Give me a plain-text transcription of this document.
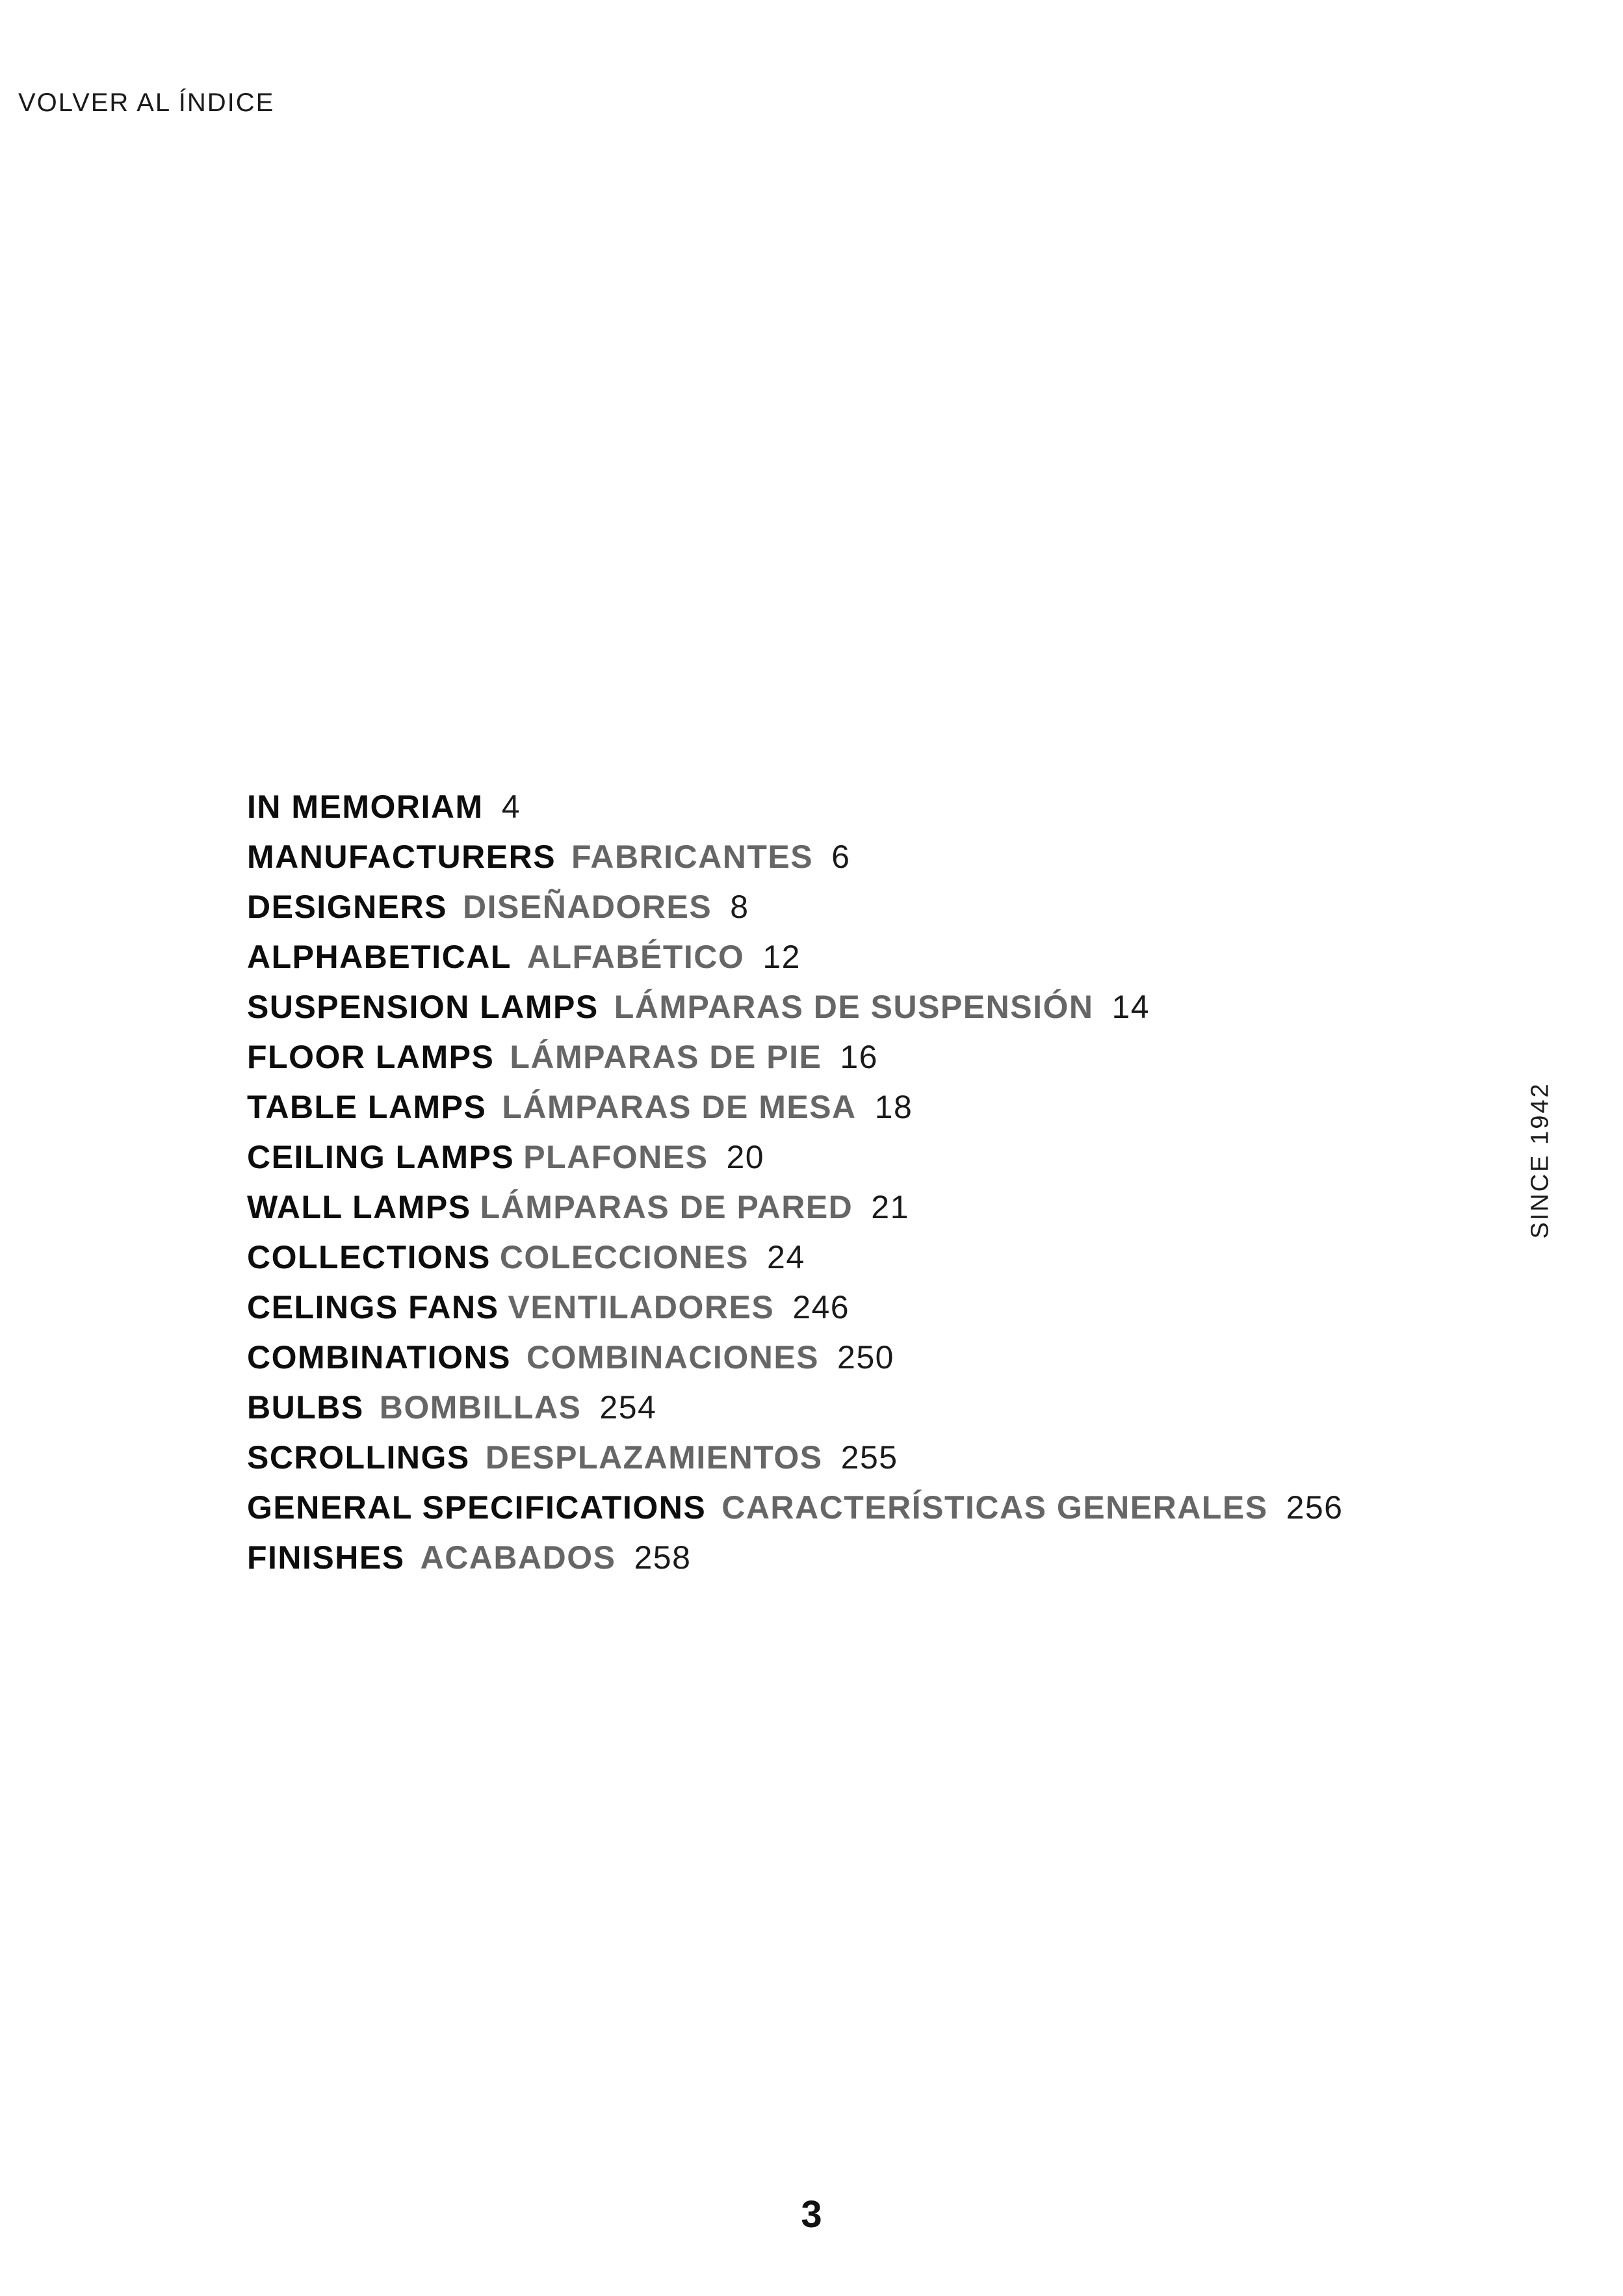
VOLVER AL ÍNDICE
IN MEMORIAM 4
MANUFACTURERS FABRICANTES 6
DESIGNERS DISEÑADORES 8
ALPHABETICAL ALFABÉTICO 12
SUSPENSION LAMPS LÁMPARAS DE SUSPENSIÓN 14
FLOOR LAMPS LÁMPARAS DE PIE 16
TABLE LAMPS LÁMPARAS DE MESA 18
CEILING LAMPS PLAFONES 20
WALL LAMPS LÁMPARAS DE PARED 21
COLLECTIONS COLECCIONES 24
CELINGS FANS VENTILADORES 246
COMBINATIONS COMBINACIONES 250
BULBS BOMBILLAS 254
SCROLLINGS DESPLAZAMIENTOS 255
GENERAL SPECIFICATIONS CARACTERÍSTICAS GENERALES 256
FINISHES ACABADOS 258
SINCE 1942
3
